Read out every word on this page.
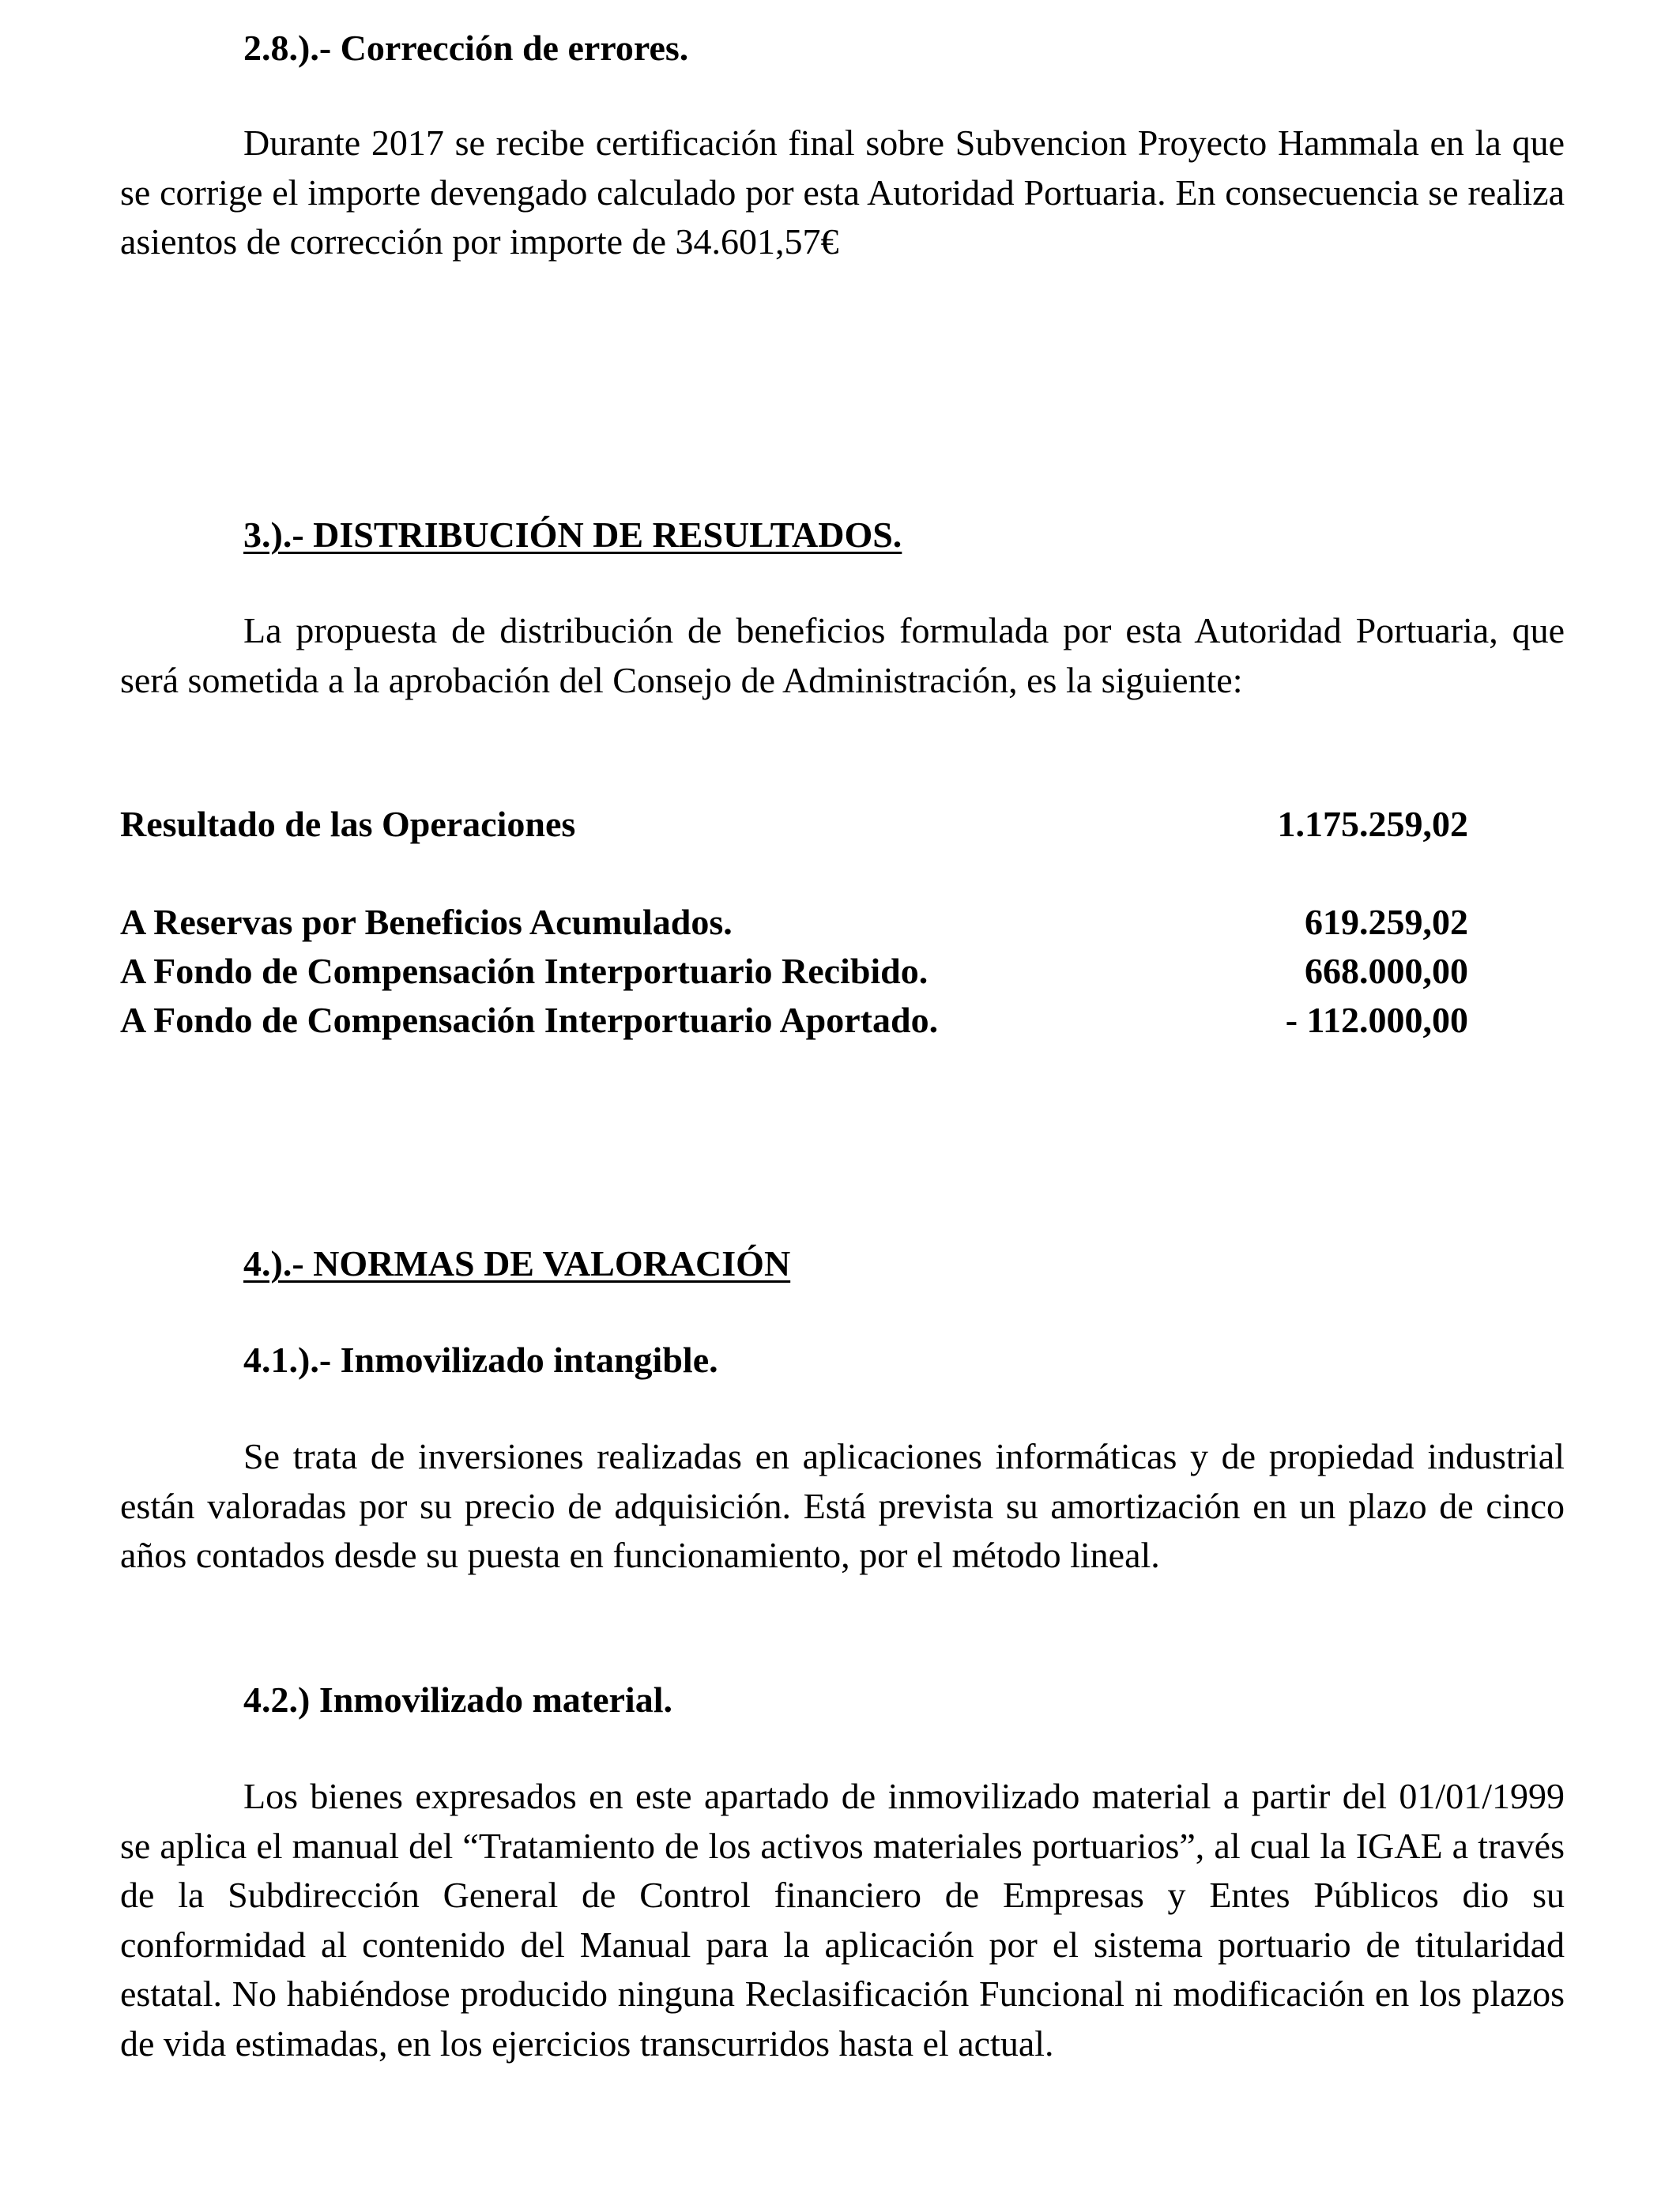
2.8.).- Corrección de errores.

Durante 2017 se recibe certificación final sobre Subvencion Proyecto Hammala en la que se corrige el importe devengado calculado por esta Autoridad Portuaria. En consecuencia se realiza asientos de corrección por importe de 34.601,57€

3.).- DISTRIBUCIÓN DE RESULTADOS.

La propuesta de distribución de beneficios formulada por esta Autoridad Portuaria, que será sometida a la aprobación del Consejo de Administración, es la siguiente:

Resultado de las Operaciones	1.175.259,02
A Reservas por Beneficios Acumulados.	619.259,02
A Fondo de Compensación Interportuario Recibido.	668.000,00
A Fondo de Compensación Interportuario Aportado.	- 112.000,00
4.).- NORMAS DE VALORACIÓN
4.1.).- Inmovilizado intangible.

Se trata de inversiones realizadas en aplicaciones informáticas y de propiedad industrial están valoradas por su precio de adquisición. Está prevista su amortización en un plazo de cinco años contados desde su puesta en funcionamiento, por el método lineal.

4.2.) Inmovilizado material.

Los bienes expresados en este apartado de inmovilizado material a partir del 01/01/1999 se aplica el manual del “Tratamiento de los activos materiales portuarios”, al cual la IGAE a través de la Subdirección General de Control financiero de Empresas y Entes Públicos dio su conformidad al contenido del Manual para la aplicación por el sistema portuario de titularidad estatal. No habiéndose producido ninguna Reclasificación Funcional ni modificación en los plazos de vida estimadas, en los ejercicios transcurridos hasta el actual.
